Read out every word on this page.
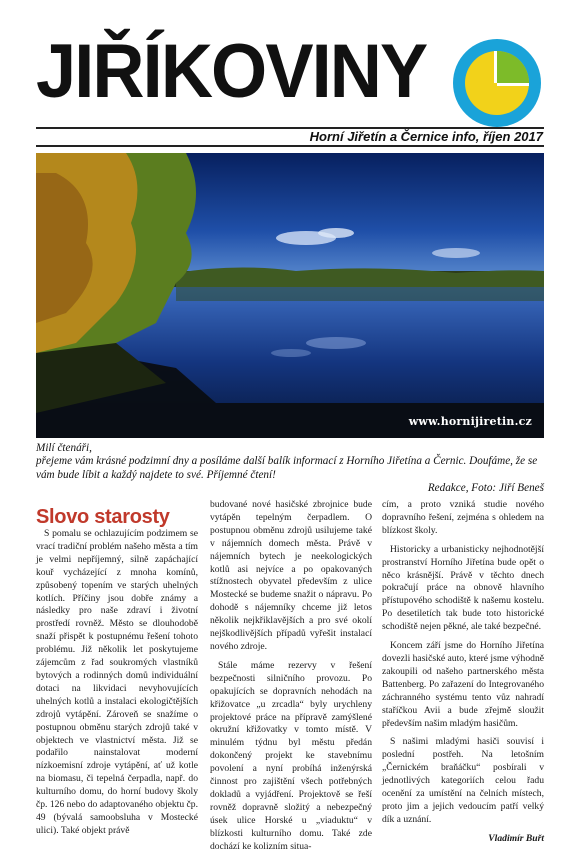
JIŘÍKOVINY
Horní Jiřetín a Černice info, říjen 2017
www.hornijiretin.cz

Milí čtenáři,

přejeme vám krásné podzimní dny a posíláme další balík informací z Horního Jiřetína a Černic. Doufáme, že se vám bude líbit a každý najdete to své. Příjemné čtení!

Redakce, Foto: Jiří Beneš

Slovo starosty

S pomalu se ochlazujícím podzimem se vrací tradiční problém našeho města a tím je velmi nepříjemný, silně zapáchající kouř vycházející z mnoha komínů, způsobený topením ve starých uhelných kotlích. Příčiny jsou dobře známy a následky pro naše zdraví i životní prostředí rovněž. Město se dlouhodobě snaží přispět k postupnému řešení tohoto problému. Již několik let poskytujeme zájemcům z řad soukromých vlastníků bytových a rodinných domů individuální dotaci na likvidaci nevyhovujících uhelných kotlů a instalaci ekologičtějších zdrojů vytápění. Zároveň se snažíme o postupnou obměnu starých zdrojů také v objektech ve vlastnictví města. Již se podařilo nainstalovat moderní nízkoemisní zdroje vytápění, ať už kotle na biomasu, či tepelná čerpadla, např. do kulturního domu, do horní budovy školy čp. 126 nebo do adaptovaného objektu čp. 49 (bývalá samoobsluha v Mostecké ulici). Také objekt právě

budované nové hasičské zbrojnice bude vytápěn tepelným čerpadlem. O postupnou obměnu zdrojů usilujeme také v nájemních domech města. Právě v nájemních bytech je neekologických kotlů asi nejvíce a po opakovaných stížnostech obyvatel především z ulice Mostecké se budeme snažit o nápravu. Po dohodě s nájemníky chceme již letos několik nejkřiklavějších a pro své okolí nejškodlivějších případů vyřešit instalací nového zdroje.

Stále máme rezervy v řešení bezpečnosti silničního provozu. Po opakujících se dopravních nehodách na křižovatce „u zrcadla“ byly urychleny projektové práce na přípravě zamýšlené okružní křižovatky v tomto místě. V minulém týdnu byl městu předán dokončený projekt ke stavebnímu povolení a nyní probíhá inženýrská činnost pro zajištění všech potřebných dokladů a vyjádření. Projektově se řeší rovněž dopravně složitý a nebezpečný úsek ulice Horské u „viaduktu“ v blízkosti kulturního domu. Také zde dochází ke kolizním situa-

cím, a proto vzniká studie nového dopravního řešení, zejména s ohledem na blízkost školy.

Historicky a urbanisticky nejhodnotější prostranství Horního Jiřetína bude opět o něco krásnější. Právě v těchto dnech pokračují práce na obnově hlavního přístupového schodiště k našemu kostelu. Po desetiletích tak bude toto historické schodiště nejen pěkné, ale také bezpečné.

Koncem září jsme do Horního Jiřetína dovezli hasičské auto, které jsme výhodně zakoupili od našeho partnerského města Battenberg. Po zařazení do Integrovaného záchranného systému tento vůz nahradí staříčkou Avii a bude zřejmě sloužit především našim mladým hasičům.

S našimi mladými hasiči souvisí i poslední postřeh. Na letošním „Černickém braňáčku“ posbírali v jednotlivých kategoriích celou řadu ocenění za umístění na čelních místech, proto jim a jejich vedoucím patří velký dík a uznání.

Vladimír Buřt
